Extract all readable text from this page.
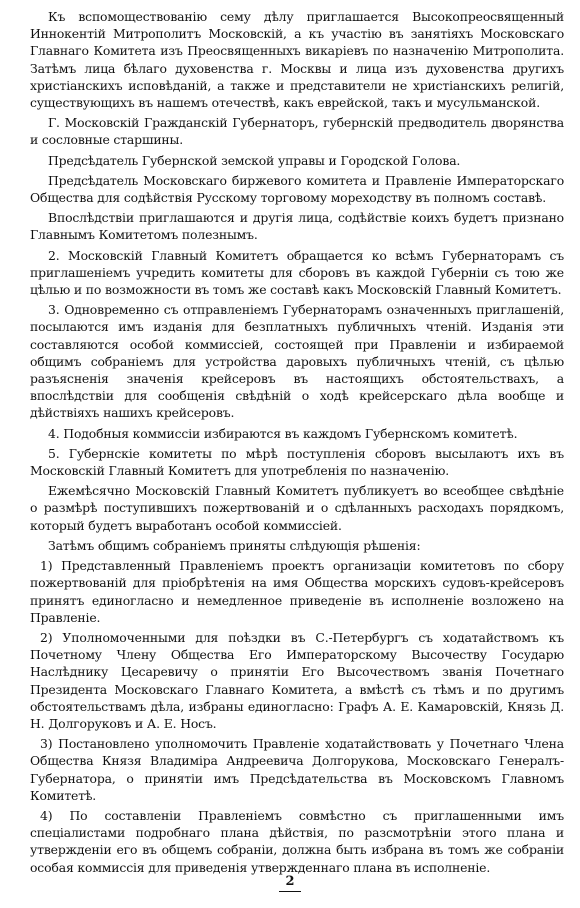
Къ вспомоществованію сему дѣлу приглашается Высокопреосвященный Иннокентій Митрополитъ Московскій, а къ участію въ занятіяхъ Московскаго Главнаго Комитета изъ Преосвященныхъ викаріевъ по назначенію Митрополита. Затѣмъ лица бѣлаго духовенства г. Москвы и лица изъ духовенства другихъ христіанскихъ исповѣданій, а также и представители не христіанскихъ религій, существующихъ въ нашемъ отечествѣ, какъ еврейской, такъ и мусульманской.

Г. Московскій Гражданскій Губернаторъ, губернскій предводитель дворянства и сословные старшины.

Предсѣдатель Губернской земской управы и Городской Голова.

Предсѣдатель Московскаго биржевого комитета и Правленіе Императорскаго Общества для содѣйствія Русскому торговому мореходству въ полномъ составѣ.

Впослѣдствіи приглашаются и другія лица, содѣйствіе коихъ будетъ признано Главнымъ Комитетомъ полезнымъ.

2. Московскій Главный Комитетъ обращается ко всѣмъ Губернаторамъ съ приглашеніемъ учредить комитеты для сборовъ въ каждой Губерніи съ тою же цѣлью и по возможности въ томъ же составѣ какъ Московскій Главный Комитетъ.

3. Одновременно съ отправленіемъ Губернаторамъ означенныхъ приглашеній, посылаются имъ изданія для безплатныхъ публичныхъ чтеній. Изданія эти составляются особой коммиссіей, состоящей при Правленіи и избираемой общимъ собраніемъ для устройства даровыхъ публичныхъ чтеній, съ цѣлью разъясненія значенія крейсеровъ въ настоящихъ обстоятельствахъ, а впослѣдствіи для сообщенія свѣдѣній о ходѣ крейсерскаго дѣла вообще и дѣйствіяхъ нашихъ крейсеровъ.

4. Подобныя коммиссіи избираются въ каждомъ Губернскомъ комитетѣ.

5. Губернскіе комитеты по мѣрѣ поступленія сборовъ высылаютъ ихъ въ Московскій Главный Комитетъ для употребленія по назначенію.

Ежемѣсячно Московскій Главный Комитетъ публикуетъ во всеобщее свѣдѣніе о размѣрѣ поступившихъ пожертвованій и о сдѣланныхъ расходахъ порядкомъ, который будетъ выработанъ особой коммиссіей.

Затѣмъ общимъ собраніемъ приняты слѣдующія рѣшенія:

1) Представленный Правленіемъ проектъ организаціи комитетовъ по сбору пожертвованій для пріобрѣтенія на имя Общества морскихъ судовъ-крейсеровъ принятъ единогласно и немедленное приведеніе въ исполненіе возложено на Правленіе.

2) Уполномоченными для поѣздки въ С.-Петербургъ съ ходатайствомъ къ Почетному Члену Общества Его Императорскому Высочеству Государю Наслѣднику Цесаревичу о принятіи Его Высочествомъ званія Почетнаго Президента Московскаго Главнаго Комитета, а вмѣстѣ съ тѣмъ и по другимъ обстоятельствамъ дѣла, избраны единогласно: Графъ А. Е. Камаровскій, Князь Д. Н. Долгоруковъ и А. Е. Носъ.

3) Постановлено уполномочить Правленіе ходатайствовать у Почетнаго Члена Общества Князя Владиміра Андреевича Долгорукова, Московскаго Генералъ-Губернатора, о принятіи имъ Предсѣдательства въ Московскомъ Главномъ Комитетѣ.

4) По составленіи Правленіемъ совмѣстно съ приглашенными имъ спеціалистами подробнаго плана дѣйствія, по разсмотрѣніи этого плана и утвержденіи его въ общемъ собраніи, должна быть избрана въ томъ же собраніи особая коммиссія для приведенія утвержденнаго плана въ исполненіе.

2
